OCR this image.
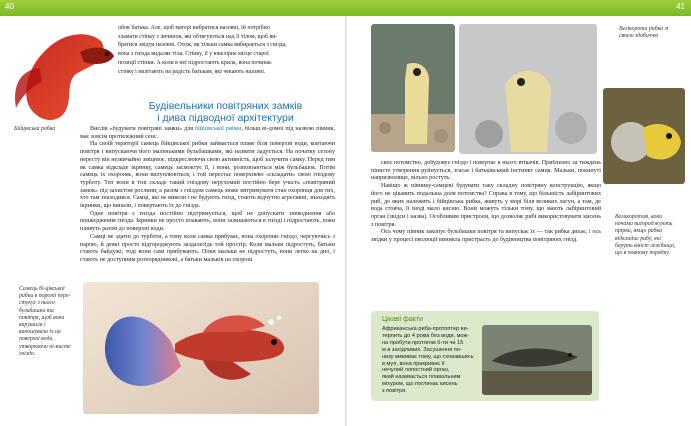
40	41
обов`батька. Але, щоб матері вибратися назовні, їй потрібно
зламати стінку з личинок, які обтягуються над її тілом, щоб ви-
братися звідти назовні. Отож, як тільки самка вибирається з гнізда,
вона з гнізда видаляє тіла. Стінку, її у ювелірне місце старої
позиції стінки. А коли в неї підростають крила, вона починає
стінку і вилітають на радість батькам, які чекають назовні.
Будівельники повітряних замків
і дива підводної архітектури
Бійцівська рибка	Вислів «будувати повітряні замки» для бійцівської рибки, більш ві-домої під назвою півник, має зовсім протилежний сенс.

На своїй території самець бійцівської рибки займається плаве біля поверхні води, ковтаючи повітря і випускаючи його маленькими бульбашками, які назвати ладується. На початку сезону нересту він незвичайно зміцнює, підкреслюючи свою активність, щоб залучити самку. Перед тим як самка відкладе ікринку, самець засмоктує її, і вони, розповзаються між бульбашок. Потім самець їх охороняє, вони вилуплюються, і той перестає поверхнево «складати» свою гніздову турботу. Теп вони в тіні складе такий гніздову нерухомий постійно бере участь «повітряний замок» під захистом рослини, а разом з гніздом самець може витримувати стан охоронця для тих, хто там знаходився. Самці, які не вивели і не будують гнізд, стають відчутно агресивні, знаходять ікринки, що випали, і повертають їх до гнізда.

Одне повітря є гнізда постійно підтримується, щоб не допускати зневоднення або пошкодження гнізда. Ікринки не просто плавають, вони залишаються в гнізді і підростають, поки пливуть разом до поверхні води.

Самці не здатні до турботи, а тому коли самка прибуває, вона охороняє гніздо, чергуючись з парою, й деякі просто відгороджують заздалегідь той простір. Коли мальки підростуть, батьки стають байдужі, тоді вони самі прибувають. Поки мальки не підростуть, вони легко на дно, і стають не доступним розпорядникові, а батьки мальків на охороні.

Самець бі-цівської рибки в пороті пере-стукує з нього бульбашки та повітря, щоб вони вирушили і виношували їх на поверхні води, утворюючи пі-нисте гніздо.
Велікорота рибка зі своєю здобиччю

своє потомство, добудовує гніздо і повертає в нього втікачів. Приблизно за тиждень пінисте утворення руйнується, згасає і батьківський інстинкт самця. Мальки, покинуті напризволяще, вільно ростуть.

Навіщо ж півнику-самцеві будувати таку складну повітряну конструкцію, якщо його не цікавить подальша доля потомства? Справа в тому, що більшість лабіринтових риб, до яких належить і бійцівська рибка, живуть у морі біля великих лагун, а там, де вода стояча, її іноді мало кисню. Вони можуть тільки тому, що мають лабіринтовий орган (звідси і назва). Особливим пристроєм, що дозволяє рибі використовувати кисень з повітря.

Ось чому півник закопує бульбашки повітря та випускає їх — так рибка дихає, і ось звідки у процесі еволюції виникла пристрасть до будівництва повітряних гнізд.

Великоротом, вони ночами вигороджують прірви, якщо рибка відкладає рибу, які беруть вміст лежбища, що в повному порядку.
Цікаві факти
Африканська риба-протоптер ви-
терпить до 4 років без води, мож-
на пробути протягом 6-ти чи 15
м в засідливих. Засушення по-
низу виживає тому, що сховавшись
в мул, вона прикриває її
нечулий лопостний орган,
який називається плавальним
міхуром, що поглинає кисень
з повітря.
